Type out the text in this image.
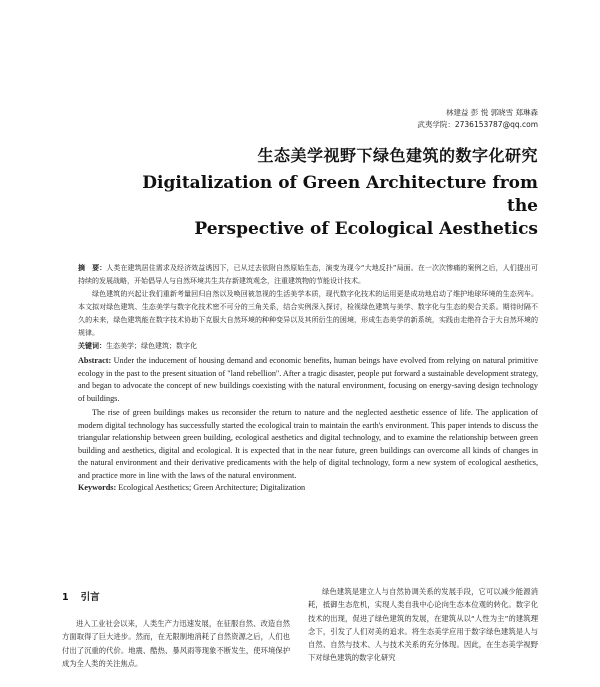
林建益 彭 悦 郭晓雪 郑琳森
武夷学院：2736153787@qq.com
生态美学视野下绿色建筑的数字化研究
Digitalization of Green Architecture from the
Perspective of Ecological Aesthetics

摘　要：人类在建筑居住需求及经济效益诱因下，已从过去依附自然原始生态，演变为现今“大地反扑”局面。在一次次惨痛的案例之后，人们提出可持续的发展战略，开始倡导人与自然环境共生共存新建筑观念，注重建筑物的节能设计技术。

绿色建筑的兴起让我们重新考量回归自然以及唤回被忽视的生活美学本质，现代数字化技术的运用更是成功地启动了维护地球环境的生态列车。本文拟对绿色建筑、生态美学与数字化技术密不可分的三角关系，结合实例深入探讨，检视绿色建筑与美学、数字化与生态的契合关系。期待时隔不久的未来，绿色建筑能在数字技术协助下克服大自然环境的种种变异以及其所衍生的困境，形成生态美学的新系统，实践由走绝符合于大自然环境的规律。

关键词：生态美学；绿色建筑；数字化

Abstract: Under the inducement of housing demand and economic benefits, human beings have evolved from relying on natural primitive ecology in the past to the present situation of "land rebellion". After a tragic disaster, people put forward a sustainable development strategy, and began to advocate the concept of new buildings coexisting with the natural environment, focusing on energy-saving design technology of buildings.

The rise of green buildings makes us reconsider the return to nature and the neglected aesthetic essence of life. The application of modern digital technology has successfully started the ecological train to maintain the earth's environment. This paper intends to discuss the triangular relationship between green building, ecological aesthetics and digital technology, and to examine the relationship between green building and aesthetics, digital and ecological. It is expected that in the near future, green buildings can overcome all kinds of changes in the natural environment and their derivative predicaments with the help of digital technology, form a new system of ecological aesthetics, and practice more in line with the laws of the natural environment.

Keywords: Ecological Aesthetics; Green Architecture; Digitalization

1 引言

进入工业社会以来，人类生产力迅速发展，在征服自然、改造自然方面取得了巨大进步。然而，在无限制地消耗了自然资源之后，人们也付出了沉重的代价。地震、酷热、暴风雨等现象不断发生，使环境保护成为全人类的关注焦点。

绿色建筑是建立人与自然协调关系的发展手段，它可以减少能源消耗，抵御生态危机，实现人类自我中心论向生态本位观的转化。数字化技术的出现，促进了绿色建筑的发展，在建筑从以“人性为主”的建筑理念下，引发了人们对美的追求。将生态美学应用于数字绿色建筑是人与自然、自然与技术、人与技术关系的充分体现。因此，在生态美学视野下对绿色建筑的数字化研究
